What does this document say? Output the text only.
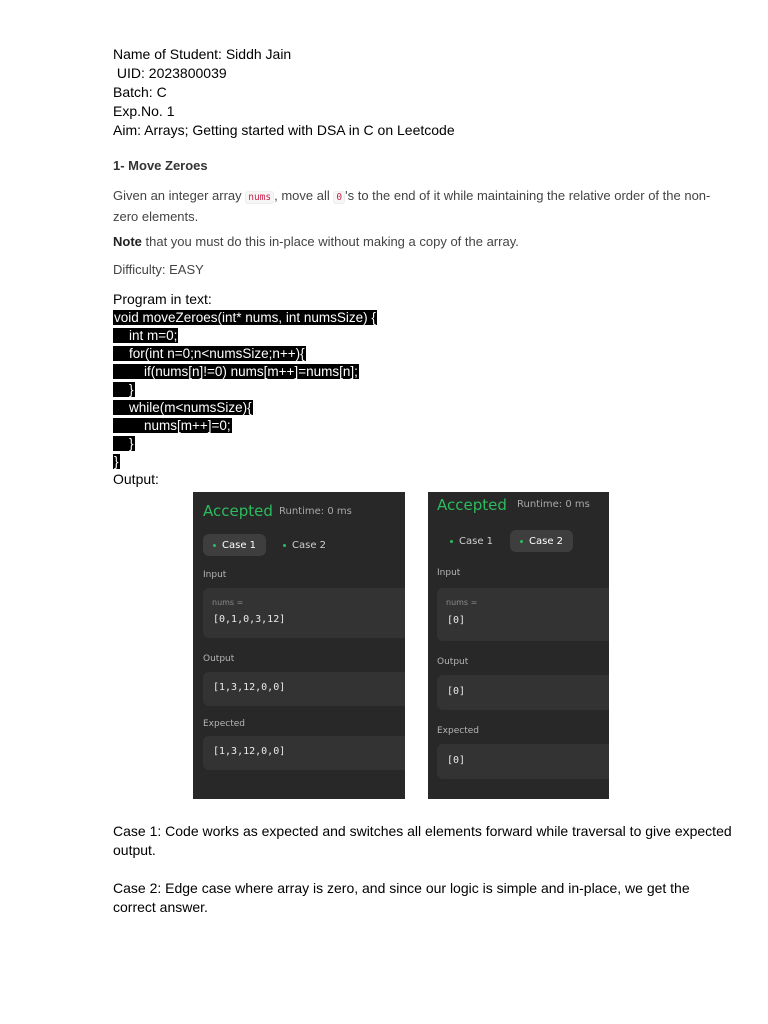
Name of Student: Siddh Jain
UID: 2023800039
Batch: C
Exp.No. 1
Aim: Arrays; Getting started with DSA in C on Leetcode
1- Move Zeroes
Given an integer array nums , move all 0 's to the end of it while maintaining the relative order of the non-zero elements.
Note that you must do this in-place without making a copy of the array.
Difficulty: EASY
Program in text:
void moveZeroes(int* nums, int numsSize) {
int m=0;
for(int n=0;n<numsSize;n++){
if(nums[n]!=0) nums[m++]=nums[n];
}
while(m<numsSize){
nums[m++]=0;
}
}
Output:
Accepted Runtime: 0 ms
Case 1	Case 2
Input
nums =
[0,1,0,3,12]
Output
[1,3,12,0,0]
Expected
[1,3,12,0,0]
Accepted Runtime: 0 ms
Case 1	Case 2
Input
nums =
[0]
Output
[0]
Expected
[0]
Case 1: Code works as expected and switches all elements forward while traversal to give expected output.
Case 2: Edge case where array is zero, and since our logic is simple and in-place, we get the correct answer.
